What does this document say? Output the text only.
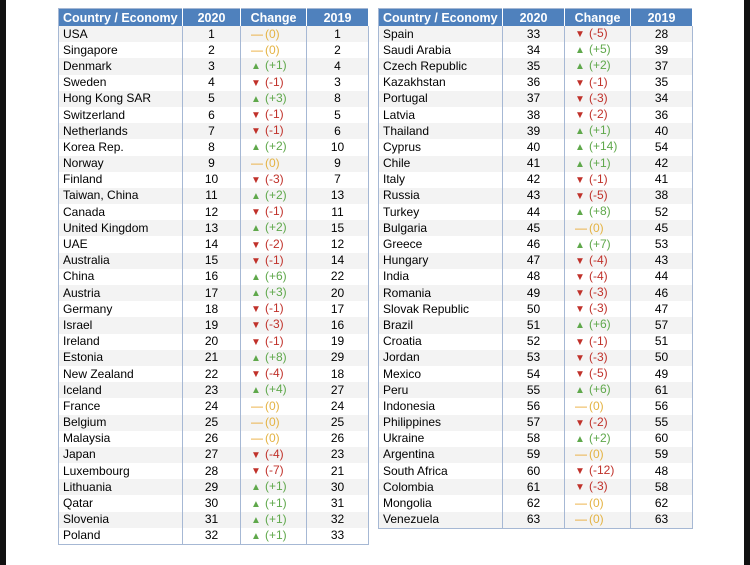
Country / Economy	2020	Change	2019
USA	1	— (0)	1
Singapore	2	— (0)	2
Denmark	3	▲ (+1)	4
Sweden	4	▼ (-1)	3
Hong Kong SAR	5	▲ (+3)	8
Switzerland	6	▼ (-1)	5
Netherlands	7	▼ (-1)	6
Korea Rep.	8	▲ (+2)	10
Norway	9	— (0)	9
Finland	10	▼ (-3)	7
Taiwan, China	11	▲ (+2)	13
Canada	12	▼ (-1)	11
United Kingdom	13	▲ (+2)	15
UAE	14	▼ (-2)	12
Australia	15	▼ (-1)	14
China	16	▲ (+6)	22
Austria	17	▲ (+3)	20
Germany	18	▼ (-1)	17
Israel	19	▼ (-3)	16
Ireland	20	▼ (-1)	19
Estonia	21	▲ (+8)	29
New Zealand	22	▼ (-4)	18
Iceland	23	▲ (+4)	27
France	24	— (0)	24
Belgium	25	— (0)	25
Malaysia	26	— (0)	26
Japan	27	▼ (-4)	23
Luxembourg	28	▼ (-7)	21
Lithuania	29	▲ (+1)	30
Qatar	30	▲ (+1)	31
Slovenia	31	▲ (+1)	32
Poland	32	▲ (+1)	33
Country / Economy	2020	Change	2019
Spain	33	▼ (-5)	28
Saudi Arabia	34	▲ (+5)	39
Czech Republic	35	▲ (+2)	37
Kazakhstan	36	▼ (-1)	35
Portugal	37	▼ (-3)	34
Latvia	38	▼ (-2)	36
Thailand	39	▲ (+1)	40
Cyprus	40	▲ (+14)	54
Chile	41	▲ (+1)	42
Italy	42	▼ (-1)	41
Russia	43	▼ (-5)	38
Turkey	44	▲ (+8)	52
Bulgaria	45	— (0)	45
Greece	46	▲ (+7)	53
Hungary	47	▼ (-4)	43
India	48	▼ (-4)	44
Romania	49	▼ (-3)	46
Slovak Republic	50	▼ (-3)	47
Brazil	51	▲ (+6)	57
Croatia	52	▼ (-1)	51
Jordan	53	▼ (-3)	50
Mexico	54	▼ (-5)	49
Peru	55	▲ (+6)	61
Indonesia	56	— (0)	56
Philippines	57	▼ (-2)	55
Ukraine	58	▲ (+2)	60
Argentina	59	— (0)	59
South Africa	60	▼ (-12)	48
Colombia	61	▼ (-3)	58
Mongolia	62	— (0)	62
Venezuela	63	— (0)	63
